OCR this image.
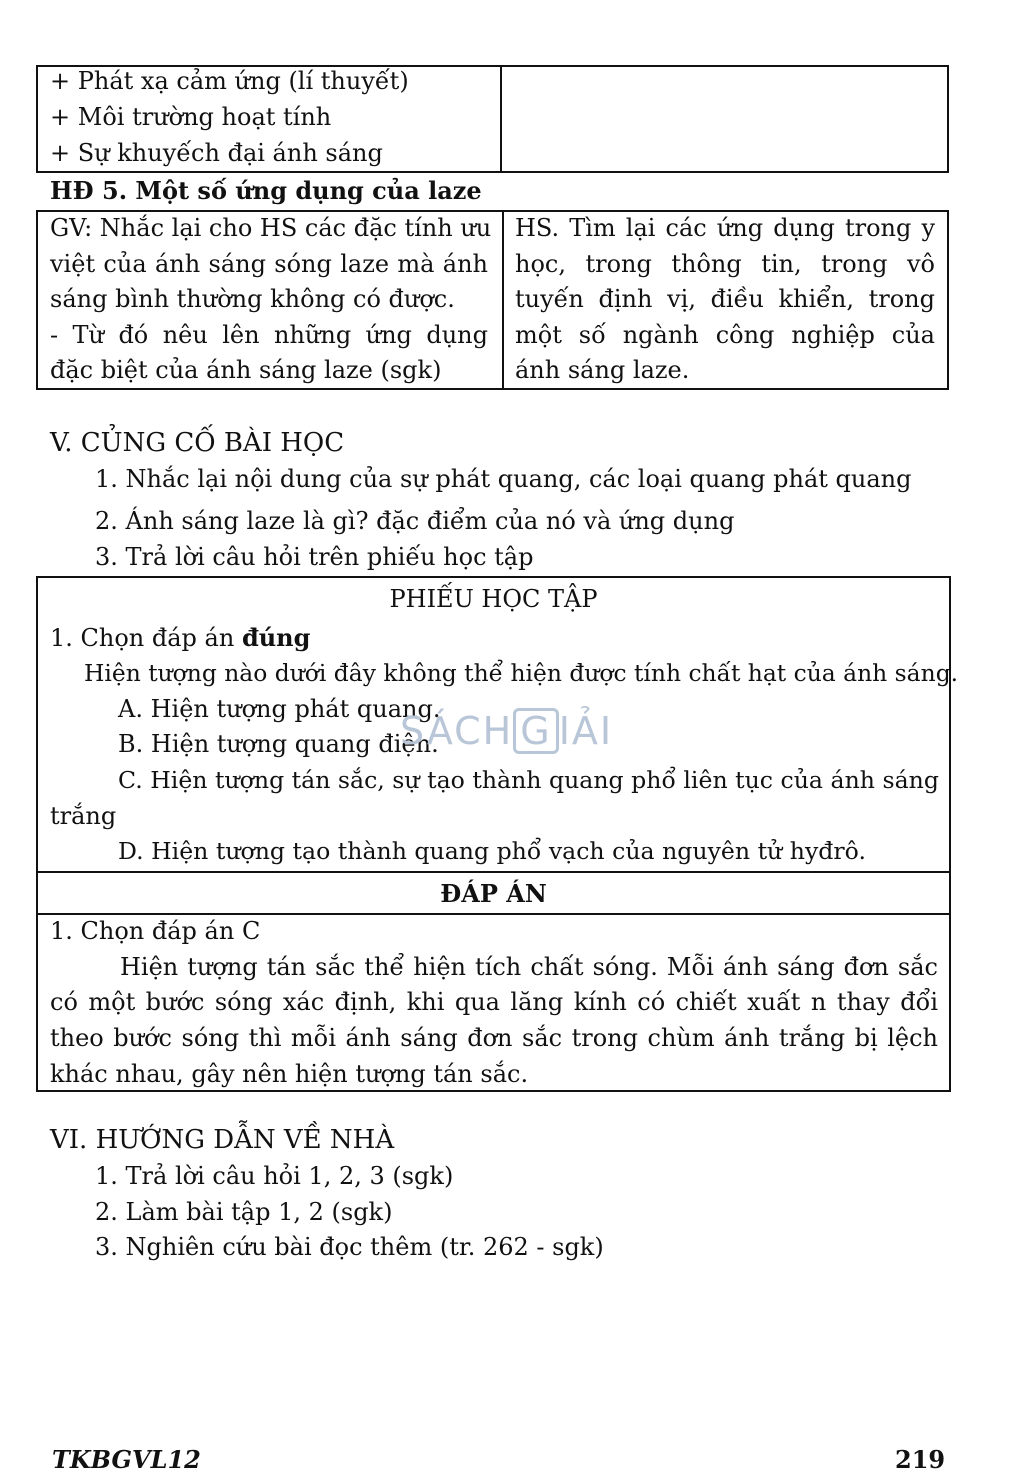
+ Phát xạ cảm ứng (lí thuyết)
+ Môi trường hoạt tính
+ Sự khuyếch đại ánh sáng
HĐ 5. Một số ứng dụng của laze
GV: Nhắc lại cho HS các đặc tính ưu
việt của ánh sáng sóng laze mà ánh
sáng bình thường không có được.
- Từ đó nêu lên những ứng dụng
đặc biệt của ánh sáng laze (sgk)
HS. Tìm lại các ứng dụng trong y
học, trong thông tin, trong vô
tuyến định vị, điều khiển, trong
một số ngành công nghiệp của
ánh sáng laze.
V. CỦNG CỐ BÀI HỌC
1. Nhắc lại nội dung của sự phát quang, các loại quang phát quang
2. Ánh sáng laze là gì? đặc điểm của nó và ứng dụng
3. Trả lời câu hỏi trên phiếu học tập
PHIẾU HỌC TẬP
1. Chọn đáp án đúng
Hiện tượng nào dưới đây không thể hiện được tính chất hạt của ánh sáng.
A. Hiện tượng phát quang.
B. Hiện tượng quang điện.
C. Hiện tượng tán sắc, sự tạo thành quang phổ liên tục của ánh sáng
trắng
D. Hiện tượng tạo thành quang phổ vạch của nguyên tử hyđrô.
ĐÁP ÁN
1. Chọn đáp án C
Hiện tượng tán sắc thể hiện tích chất sóng. Mỗi ánh sáng đơn sắc
có một bước sóng xác định, khi qua lăng kính có chiết xuất n thay đổi
theo bước sóng thì mỗi ánh sáng đơn sắc trong chùm ánh trắng bị lệch
khác nhau, gây nên hiện tượng tán sắc.
SÁCH G IẢI
VI. HƯỚNG DẪN VỀ NHÀ
1. Trả lời câu hỏi 1, 2, 3 (sgk)
2. Làm bài tập 1, 2 (sgk)
3. Nghiên cứu bài đọc thêm (tr. 262 - sgk)
TKBGVL12	219
